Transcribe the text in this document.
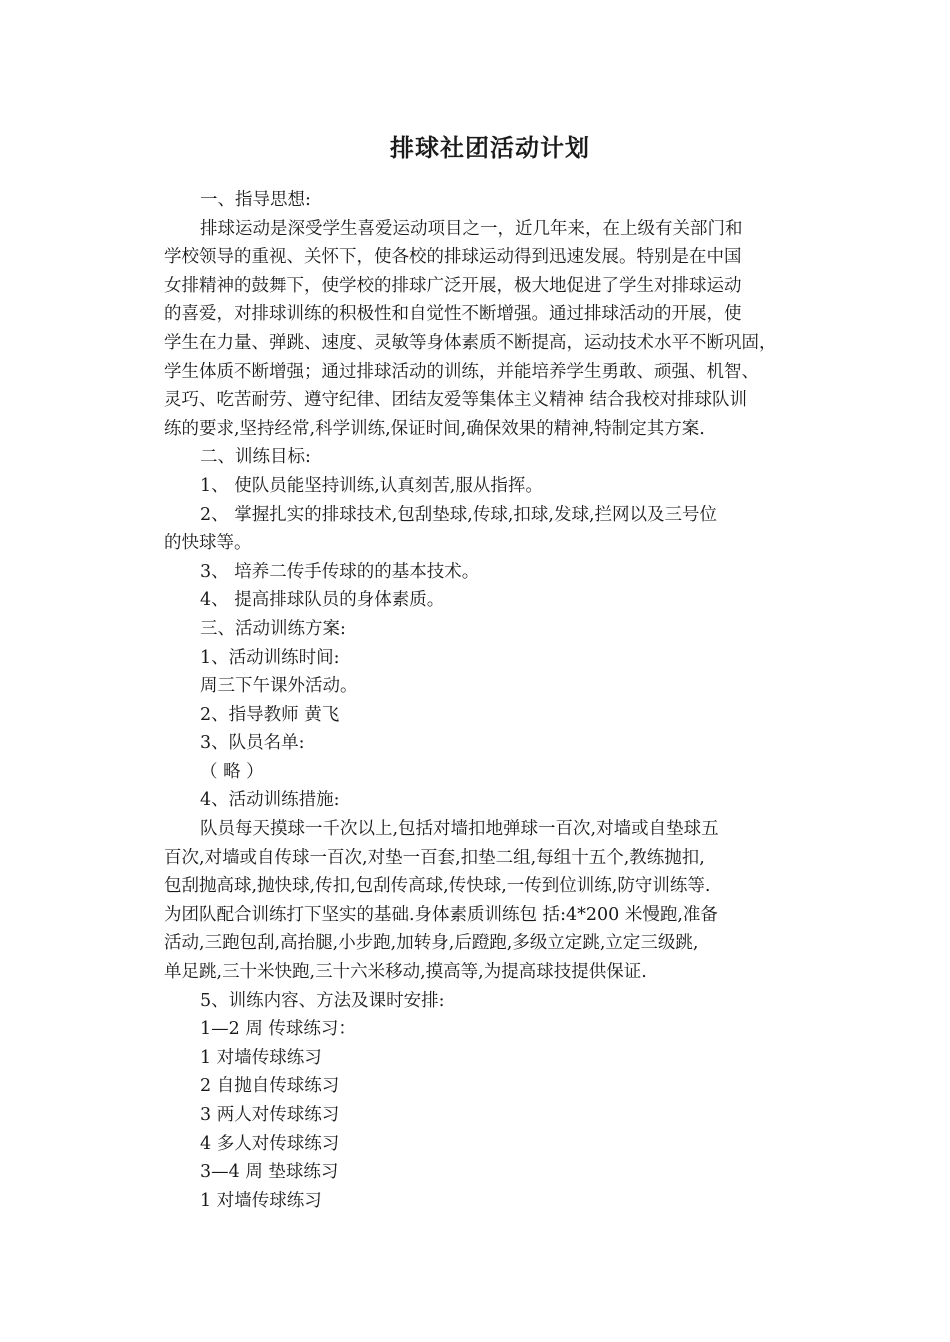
排球社团活动计划
一、指导思想:
排球运动是深受学生喜爱运动项目之一，近几年来，在上级有关部门和
学校领导的重视、关怀下，使各校的排球运动得到迅速发展。特别是在中国
女排精神的鼓舞下，使学校的排球广泛开展，极大地促进了学生对排球运动
的喜爱，对排球训练的积极性和自觉性不断增强。通过排球活动的开展，使
学生在力量、弹跳、速度、灵敏等身体素质不断提高，运动技术水平不断巩固，
学生体质不断增强；通过排球活动的训练，并能培养学生勇敢、顽强、机智、
灵巧、吃苦耐劳、遵守纪律、团结友爱等集体主义精神 结合我校对排球队训
练的要求,坚持经常,科学训练,保证时间,确保效果的精神,特制定其方案.
二、训练目标:
1、 使队员能坚持训练,认真刻苦,服从指挥。
2、 掌握扎实的排球技术,包刮垫球,传球,扣球,发球,拦网以及三号位
的快球等。
3、 培养二传手传球的的基本技术。
4、 提高排球队员的身体素质。
三、活动训练方案:
1、活动训练时间:
周三下午课外活动。
2、指导教师 黄飞
3、队员名单:
（ 略 ）
4、活动训练措施:
队员每天摸球一千次以上,包括对墙扣地弹球一百次,对墙或自垫球五
百次,对墙或自传球一百次,对垫一百套,扣垫二组,每组十五个,教练抛扣,
包刮抛高球,抛快球,传扣,包刮传高球,传快球,一传到位训练,防守训练等.
为团队配合训练打下坚实的基础.身体素质训练包 括:4*200 米慢跑,准备
活动,三跑包刮,高抬腿,小步跑,加转身,后蹬跑,多级立定跳,立定三级跳,
单足跳,三十米快跑,三十六米移动,摸高等,为提高球技提供保证.
5、训练内容、方法及课时安排:
1—2 周 传球练习：
1 对墙传球练习
2 自抛自传球练习
3 两人对传球练习
4 多人对传球练习
3—4 周 垫球练习
1 对墙传球练习
